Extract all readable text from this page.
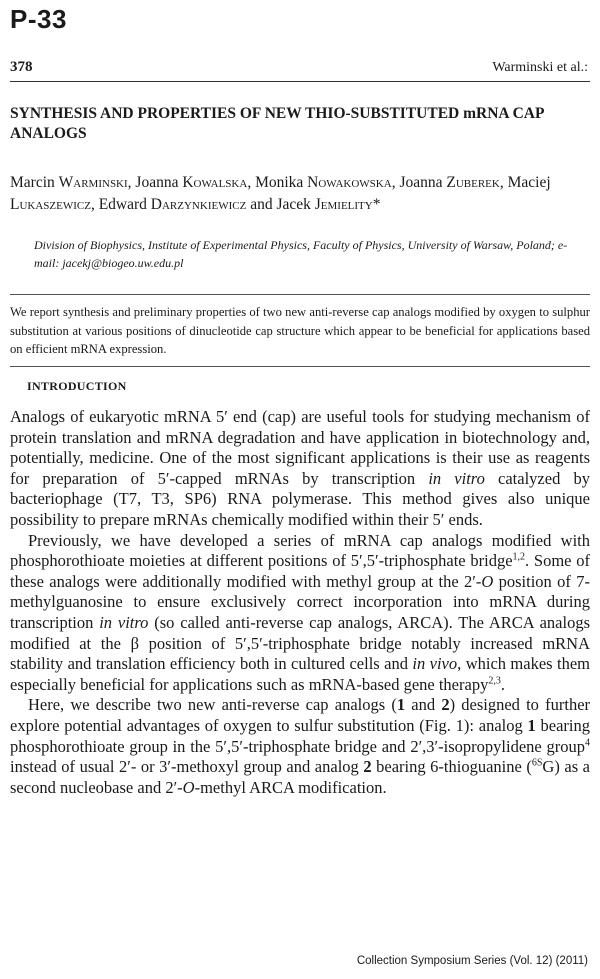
P-33
378	Warminski et al.:
SYNTHESIS AND PROPERTIES OF NEW THIO-SUBSTITUTED mRNA CAP ANALOGS
Marcin Warminski, Joanna Kowalska, Monika Nowakowska, Joanna Zuberek, Maciej Lukaszewicz, Edward Darzynkiewicz and Jacek Jemielity*
Division of Biophysics, Institute of Experimental Physics, Faculty of Physics, University of Warsaw, Poland; e-mail: jacekj@biogeo.uw.edu.pl
We report synthesis and preliminary properties of two new anti-reverse cap analogs modified by oxygen to sulphur substitution at various positions of dinucleotide cap structure which appear to be beneficial for applications based on efficient mRNA expression.
INTRODUCTION

Analogs of eukaryotic mRNA 5′ end (cap) are useful tools for studying mechanism of protein translation and mRNA degradation and have application in biotechnology and, potentially, medicine. One of the most significant applications is their use as reagents for preparation of 5′-capped mRNAs by transcription in vitro catalyzed by bacteriophage (T7, T3, SP6) RNA polymerase. This method gives also unique possibility to prepare mRNAs chemically modified within their 5′ ends.

Previously, we have developed a series of mRNA cap analogs modified with phosphorothioate moieties at different positions of 5′,5′-triphosphate bridge$^{1,2}$. Some of these analogs were additionally modified with methyl group at the 2′-O position of 7-methylguanosine to ensure exclusively correct incorporation into mRNA during transcription in vitro (so called anti-reverse cap analogs, ARCA). The ARCA analogs modified at the β position of 5′,5′-triphosphate bridge notably increased mRNA stability and translation efficiency both in cultured cells and in vivo, which makes them especially beneficial for applications such as mRNA-based gene therapy$^{2,3}$.

Here, we describe two new anti-reverse cap analogs (1 and 2) designed to further explore potential advantages of oxygen to sulfur substitution (Fig. 1): analog 1 bearing phosphorothioate group in the 5′,5′-triphosphate bridge and 2′,3′-isopropylidene group$^4$ instead of usual 2′- or 3′-methoxyl group and analog 2 bearing 6-thioguanine ($^{6S}$G) as a second nucleobase and 2′-O-methyl ARCA modification.

Collection Symposium Series (Vol. 12) (2011)
